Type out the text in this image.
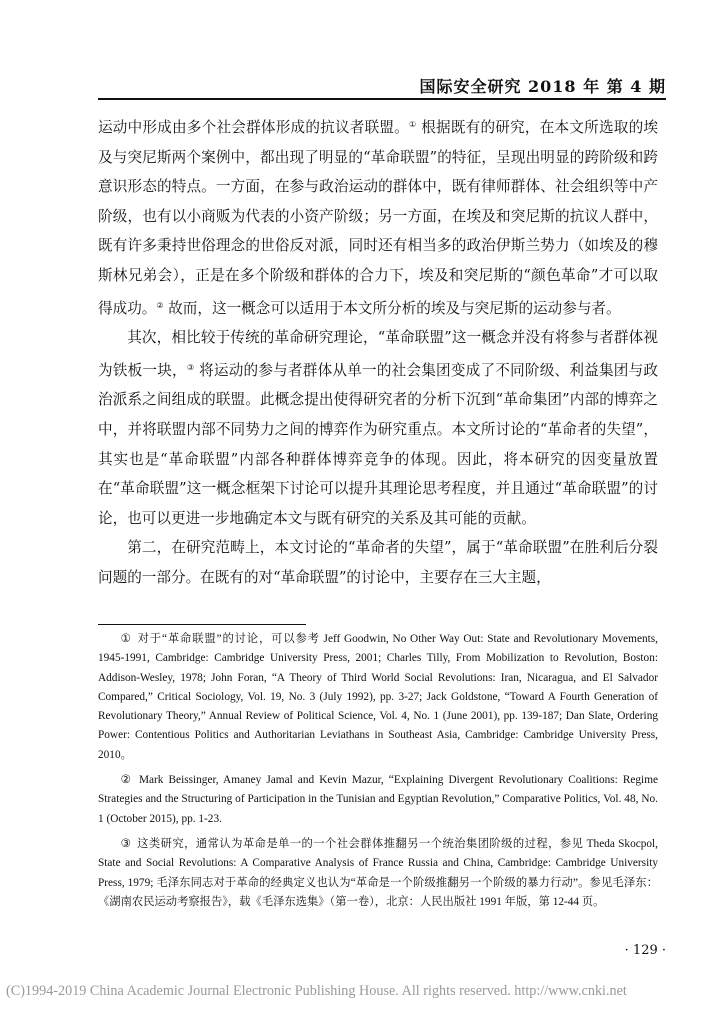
国际安全研究 2018 年 第 4 期

运动中形成由多个社会群体形成的抗议者联盟。① 根据既有的研究，在本文所选取的埃及与突尼斯两个案例中，都出现了明显的“革命联盟”的特征，呈现出明显的跨阶级和跨意识形态的特点。一方面，在参与政治运动的群体中，既有律师群体、社会组织等中产阶级，也有以小商贩为代表的小资产阶级；另一方面，在埃及和突尼斯的抗议人群中，既有许多秉持世俗理念的世俗反对派，同时还有相当多的政治伊斯兰势力（如埃及的穆斯林兄弟会），正是在多个阶级和群体的合力下，埃及和突尼斯的“颜色革命”才可以取得成功。② 故而，这一概念可以适用于本文所分析的埃及与突尼斯的运动参与者。

其次，相比较于传统的革命研究理论，“革命联盟”这一概念并没有将参与者群体视为铁板一块，③ 将运动的参与者群体从单一的社会集团变成了不同阶级、利益集团与政治派系之间组成的联盟。此概念提出使得研究者的分析下沉到“革命集团”内部的博弈之中，并将联盟内部不同势力之间的博弈作为研究重点。本文所讨论的“革命者的失望”，其实也是“革命联盟”内部各种群体博弈竞争的体现。因此，将本研究的因变量放置在“革命联盟”这一概念框架下讨论可以提升其理论思考程度，并且通过“革命联盟”的讨论，也可以更进一步地确定本文与既有研究的关系及其可能的贡献。

第二，在研究范畴上，本文讨论的“革命者的失望”，属于“革命联盟”在胜利后分裂问题的一部分。在既有的对“革命联盟”的讨论中，主要存在三大主题，

① 对于“革命联盟”的讨论，可以参考 Jeff Goodwin, No Other Way Out: State and Revolutionary Movements, 1945-1991, Cambridge: Cambridge University Press, 2001; Charles Tilly, From Mobilization to Revolution, Boston: Addison-Wesley, 1978; John Foran, “A Theory of Third World Social Revolutions: Iran, Nicaragua, and El Salvador Compared,” Critical Sociology, Vol. 19, No. 3 (July 1992), pp. 3-27; Jack Goldstone, “Toward A Fourth Generation of Revolutionary Theory,” Annual Review of Political Science, Vol. 4, No. 1 (June 2001), pp. 139-187; Dan Slate, Ordering Power: Contentious Politics and Authoritarian Leviathans in Southeast Asia, Cambridge: Cambridge University Press, 2010。

② Mark Beissinger, Amaney Jamal and Kevin Mazur, “Explaining Divergent Revolutionary Coalitions: Regime Strategies and the Structuring of Participation in the Tunisian and Egyptian Revolution,” Comparative Politics, Vol. 48, No. 1 (October 2015), pp. 1-23.

③ 这类研究，通常认为革命是单一的一个社会群体推翻另一个统治集团阶级的过程，参见 Theda Skocpol, State and Social Revolutions: A Comparative Analysis of France Russia and China, Cambridge: Cambridge University Press, 1979; 毛泽东同志对于革命的经典定义也认为“革命是一个阶级推翻另一个阶级的暴力行动”。参见毛泽东：《湖南农民运动考察报告》，载《毛泽东选集》（第一卷），北京：人民出版社 1991 年版，第 12-44 页。

· 129 ·
(C)1994-2019 China Academic Journal Electronic Publishing House. All rights reserved. http://www.cnki.net
